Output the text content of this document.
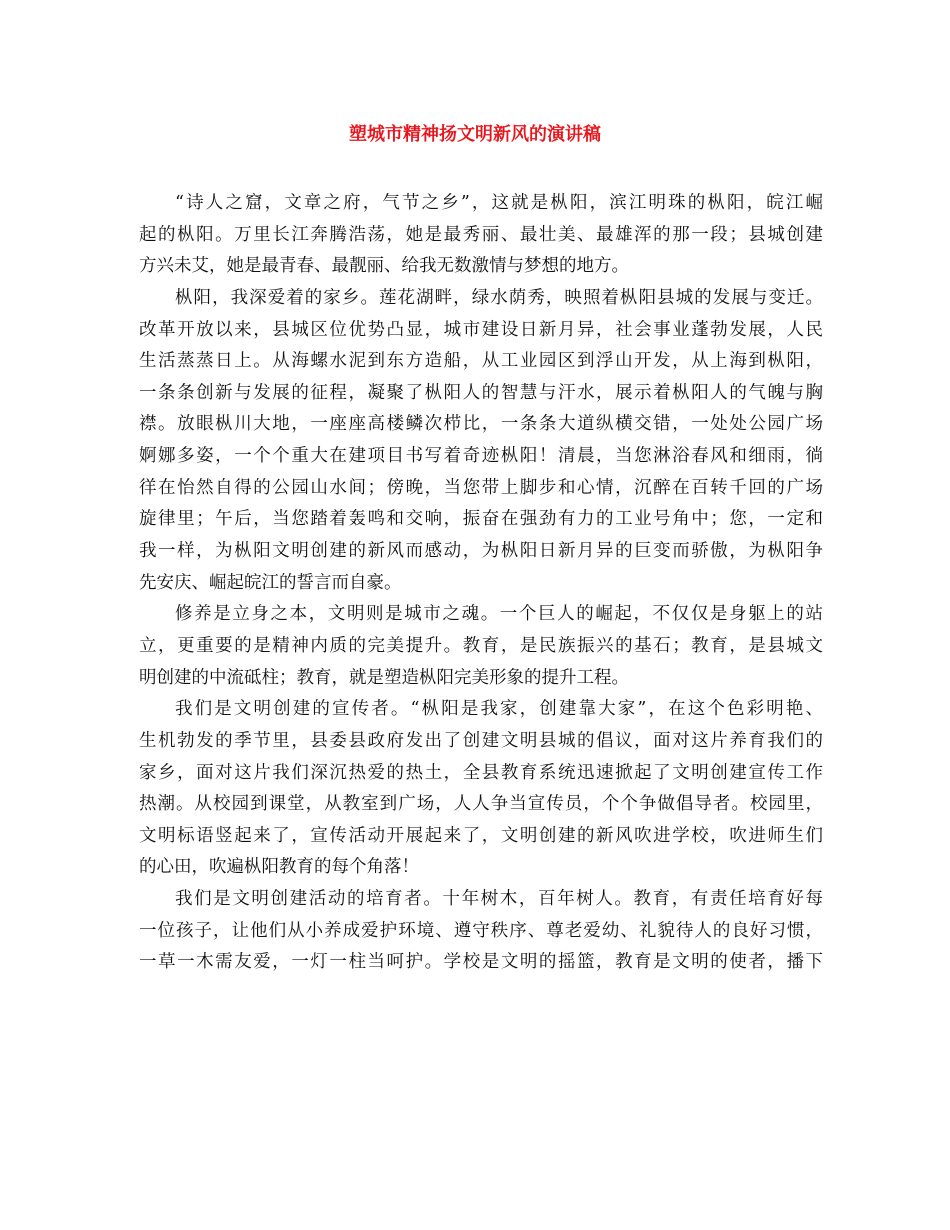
塑城市精神扬文明新风的演讲稿
“诗人之窟，文章之府，气节之乡”，这就是枞阳，滨江明珠的枞阳，皖江崛
起的枞阳。万里长江奔腾浩荡，她是最秀丽、最壮美、最雄浑的那一段；县城创建
方兴未艾，她是最青春、最靓丽、给我无数激情与梦想的地方。
枞阳，我深爱着的家乡。莲花湖畔，绿水荫秀，映照着枞阳县城的发展与变迁。
改革开放以来，县城区位优势凸显，城市建设日新月异，社会事业蓬勃发展，人民
生活蒸蒸日上。从海螺水泥到东方造船，从工业园区到浮山开发，从上海到枞阳，
一条条创新与发展的征程，凝聚了枞阳人的智慧与汗水，展示着枞阳人的气魄与胸
襟。放眼枞川大地，一座座高楼鳞次栉比，一条条大道纵横交错，一处处公园广场
婀娜多姿，一个个重大在建项目书写着奇迹枞阳！清晨，当您淋浴春风和细雨，徜
徉在怡然自得的公园山水间；傍晚，当您带上脚步和心情，沉醉在百转千回的广场
旋律里；午后，当您踏着轰鸣和交响，振奋在强劲有力的工业号角中；您，一定和
我一样，为枞阳文明创建的新风而感动，为枞阳日新月异的巨变而骄傲，为枞阳争
先安庆、崛起皖江的誓言而自豪。
修养是立身之本，文明则是城市之魂。一个巨人的崛起，不仅仅是身躯上的站
立，更重要的是精神内质的完美提升。教育，是民族振兴的基石；教育，是县城文
明创建的中流砥柱；教育，就是塑造枞阳完美形象的提升工程。
我们是文明创建的宣传者。“枞阳是我家，创建靠大家”，在这个色彩明艳、
生机勃发的季节里，县委县政府发出了创建文明县城的倡议，面对这片养育我们的
家乡，面对这片我们深沉热爱的热土，全县教育系统迅速掀起了文明创建宣传工作
热潮。从校园到课堂，从教室到广场，人人争当宣传员，个个争做倡导者。校园里，
文明标语竖起来了，宣传活动开展起来了，文明创建的新风吹进学校，吹进师生们
的心田，吹遍枞阳教育的每个角落！
我们是文明创建活动的培育者。十年树木，百年树人。教育，有责任培育好每
一位孩子，让他们从小养成爱护环境、遵守秩序、尊老爱幼、礼貌待人的良好习惯，
一草一木需友爱，一灯一柱当呵护。学校是文明的摇篮，教育是文明的使者，播下
